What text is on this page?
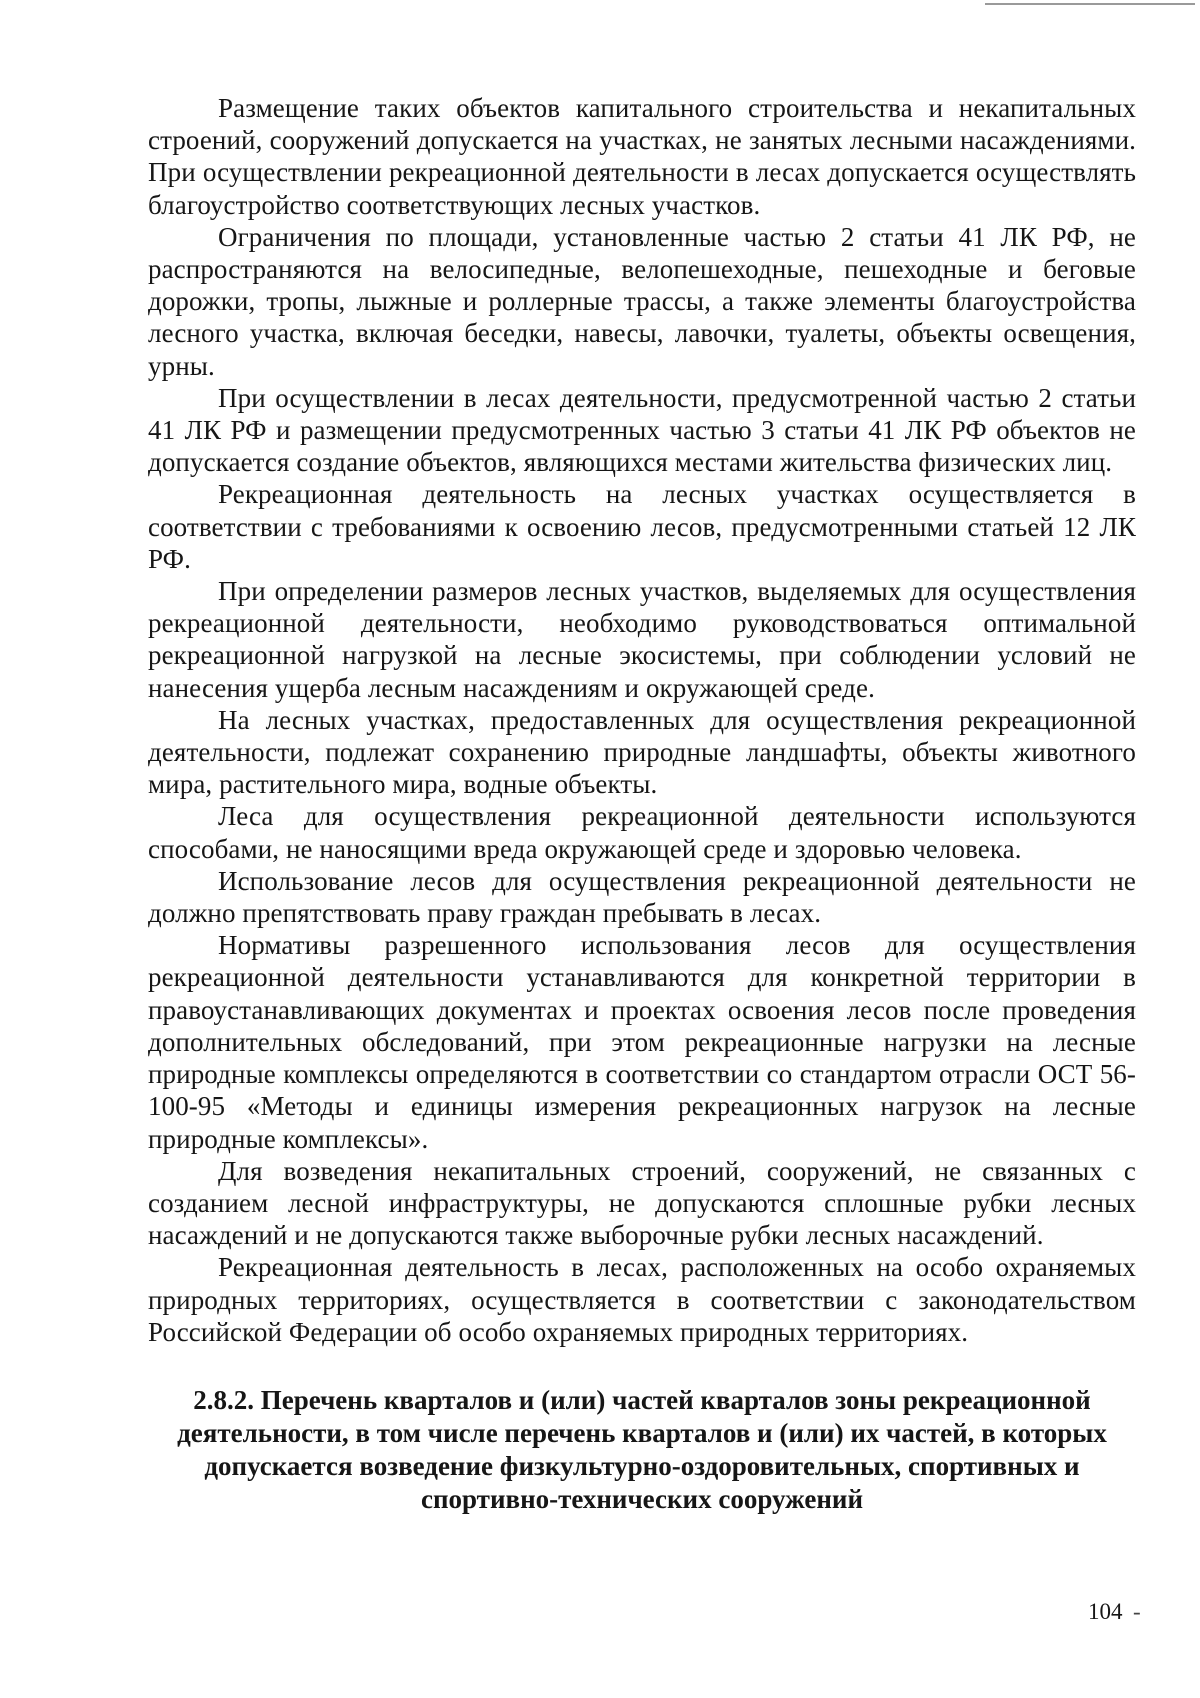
Размещение таких объектов капитального строительства и некапитальных строений, сооружений допускается на участках, не занятых лесными насаждениями. При осуществлении рекреационной деятельности в лесах допускается осуществлять благоустройство соответствующих лесных участков.

Ограничения по площади, установленные частью 2 статьи 41 ЛК РФ, не распространяются на велосипедные, велопешеходные, пешеходные и беговые дорожки, тропы, лыжные и роллерные трассы, а также элементы благоустройства лесного участка, включая беседки, навесы, лавочки, туалеты, объекты освещения, урны.

При осуществлении в лесах деятельности, предусмотренной частью 2 статьи 41 ЛК РФ и размещении предусмотренных частью 3 статьи 41 ЛК РФ объектов не допускается создание объектов, являющихся местами жительства физических лиц.

Рекреационная деятельность на лесных участках осуществляется в соответствии с требованиями к освоению лесов, предусмотренными статьей 12 ЛК РФ.

При определении размеров лесных участков, выделяемых для осуществления рекреационной деятельности, необходимо руководствоваться оптимальной рекреационной нагрузкой на лесные экосистемы, при соблюдении условий не нанесения ущерба лесным насаждениям и окружающей среде.

На лесных участках, предоставленных для осуществления рекреационной деятельности, подлежат сохранению природные ландшафты, объекты животного мира, растительного мира, водные объекты.

Леса для осуществления рекреационной деятельности используются способами, не наносящими вреда окружающей среде и здоровью человека.

Использование лесов для осуществления рекреационной деятельности не должно препятствовать праву граждан пребывать в лесах.

Нормативы разрешенного использования лесов для осуществления рекреационной деятельности устанавливаются для конкретной территории в правоустанавливающих документах и проектах освоения лесов после проведения дополнительных обследований, при этом рекреационные нагрузки на лесные природные комплексы определяются в соответствии со стандартом отрасли ОСТ 56-100-95 «Методы и единицы измерения рекреационных нагрузок на лесные природные комплексы».

Для возведения некапитальных строений, сооружений, не связанных с созданием лесной инфраструктуры, не допускаются сплошные рубки лесных насаждений и не допускаются также выборочные рубки лесных насаждений.

Рекреационная деятельность в лесах, расположенных на особо охраняемых природных территориях, осуществляется в соответствии с законодательством Российской Федерации об особо охраняемых природных территориях.

2.8.2. Перечень кварталов и (или) частей кварталов зоны рекреационной деятельности, в том числе перечень кварталов и (или) их частей, в которых допускается возведение физкультурно-оздоровительных, спортивных и спортивно-технических сооружений
104 -
